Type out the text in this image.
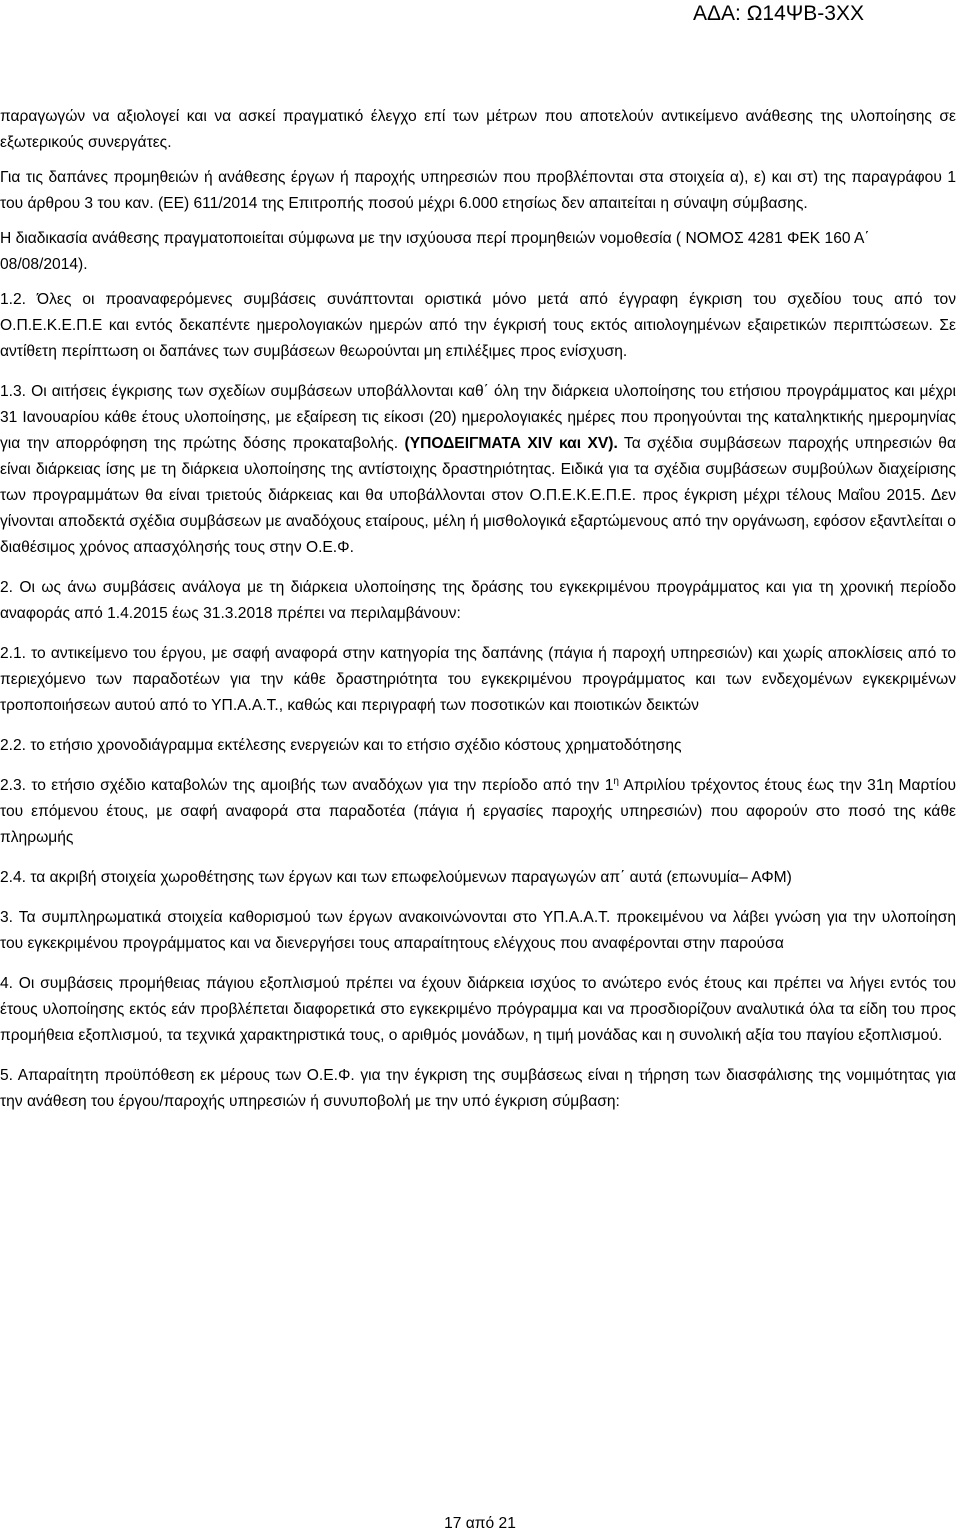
ΑΔΑ: Ω14ΨΒ-3ΧΧ

παραγωγών να αξιολογεί και να ασκεί πραγματικό έλεγχο επί των μέτρων που αποτελούν αντικείμενο ανάθεσης της υλοποίησης σε εξωτερικούς συνεργάτες.

Για τις δαπάνες προμηθειών ή ανάθεσης έργων ή παροχής υπηρεσιών που προβλέπονται στα στοιχεία α), ε) και στ) της παραγράφου 1 του άρθρου 3 του καν. (ΕΕ) 611/2014 της Επιτροπής ποσού μέχρι 6.000 ετησίως δεν απαιτείται η σύναψη σύμβασης.

Η διαδικασία ανάθεσης πραγματοποιείται σύμφωνα με την ισχύουσα περί προμηθειών νομοθεσία ( ΝΟΜΟΣ 4281 ΦΕΚ 160 Α΄ 08/08/2014).

1.2. Όλες οι προαναφερόμενες συμβάσεις συνάπτονται οριστικά μόνο μετά από έγγραφη έγκριση του σχεδίου τους από τον Ο.Π.Ε.Κ.Ε.Π.Ε και εντός δεκαπέντε ημερολογιακών ημερών από την έγκρισή τους εκτός αιτιολογημένων εξαιρετικών περιπτώσεων. Σε αντίθετη περίπτωση οι δαπάνες των συμβάσεων θεωρούνται μη επιλέξιμες προς ενίσχυση.

1.3. Οι αιτήσεις έγκρισης των σχεδίων συμβάσεων υποβάλλονται καθ΄ όλη την διάρκεια υλοποίησης του ετήσιου προγράμματος και μέχρι 31 Ιανουαρίου κάθε έτους υλοποίησης, με εξαίρεση τις είκοσι (20) ημερολογιακές ημέρες που προηγούνται της καταληκτικής ημερομηνίας για την απορρόφηση της πρώτης δόσης προκαταβολής. (ΥΠΟΔΕΙΓΜΑΤΑ XIV και XV). Τα σχέδια συμβάσεων παροχής υπηρεσιών θα είναι διάρκειας ίσης με τη διάρκεια υλοποίησης της αντίστοιχης δραστηριότητας. Ειδικά για τα σχέδια συμβάσεων συμβούλων διαχείρισης των προγραμμάτων θα είναι τριετούς διάρκειας και θα υποβάλλονται στον Ο.Π.Ε.Κ.Ε.Π.Ε. προς έγκριση μέχρι τέλους Μαΐου 2015. Δεν γίνονται αποδεκτά σχέδια συμβάσεων με αναδόχους εταίρους, μέλη ή μισθολογικά εξαρτώμενους από την οργάνωση, εφόσον εξαντλείται ο διαθέσιμος χρόνος απασχόλησής τους στην Ο.Ε.Φ.

2. Οι ως άνω συμβάσεις ανάλογα με τη διάρκεια υλοποίησης της δράσης του εγκεκριμένου προγράμματος και για τη χρονική περίοδο αναφοράς από 1.4.2015 έως 31.3.2018 πρέπει να περιλαμβάνουν:

2.1. το αντικείμενο του έργου, με σαφή αναφορά στην κατηγορία της δαπάνης (πάγια ή παροχή υπηρεσιών) και χωρίς αποκλίσεις από το περιεχόμενο των παραδοτέων για την κάθε δραστηριότητα του εγκεκριμένου προγράμματος και των ενδεχομένων εγκεκριμένων τροποποιήσεων αυτού από το ΥΠ.Α.Α.Τ., καθώς και περιγραφή των ποσοτικών και ποιοτικών δεικτών

2.2. το ετήσιο χρονοδιάγραμμα εκτέλεσης ενεργειών και το ετήσιο σχέδιο κόστους χρηματοδότησης

2.3. το ετήσιο σχέδιο καταβολών της αμοιβής των αναδόχων για την περίοδο από την $1^\eta$ Απριλίου τρέχοντος έτους έως την 31η Μαρτίου του επόμενου έτους, με σαφή αναφορά στα παραδοτέα (πάγια ή εργασίες παροχής υπηρεσιών) που αφορούν στο ποσό της κάθε πληρωμής

2.4. τα ακριβή στοιχεία χωροθέτησης των έργων και των επωφελούμενων παραγωγών απ΄ αυτά (επωνυμία– ΑΦΜ)

3. Τα συμπληρωματικά στοιχεία καθορισμού των έργων ανακοινώνονται στο ΥΠ.Α.Α.Τ. προκειμένου να λάβει γνώση για την υλοποίηση του εγκεκριμένου προγράμματος και να διενεργήσει τους απαραίτητους ελέγχους που αναφέρονται στην παρούσα

4. Οι συμβάσεις προμήθειας πάγιου εξοπλισμού πρέπει να έχουν διάρκεια ισχύος το ανώτερο ενός έτους και πρέπει να λήγει εντός του έτους υλοποίησης εκτός εάν προβλέπεται διαφορετικά στο εγκεκριμένο πρόγραμμα και να προσδιορίζουν αναλυτικά όλα τα είδη του προς προμήθεια εξοπλισμού, τα τεχνικά χαρακτηριστικά τους, ο αριθμός μονάδων, η τιμή μονάδας και η συνολική αξία του παγίου εξοπλισμού.

5. Απαραίτητη προϋπόθεση εκ μέρους των Ο.Ε.Φ. για την έγκριση της συμβάσεως είναι η τήρηση των διασφάλισης της νομιμότητας για την ανάθεση του έργου/παροχής υπηρεσιών ή συνυποβολή με την υπό έγκριση σύμβαση:

17 από 21
